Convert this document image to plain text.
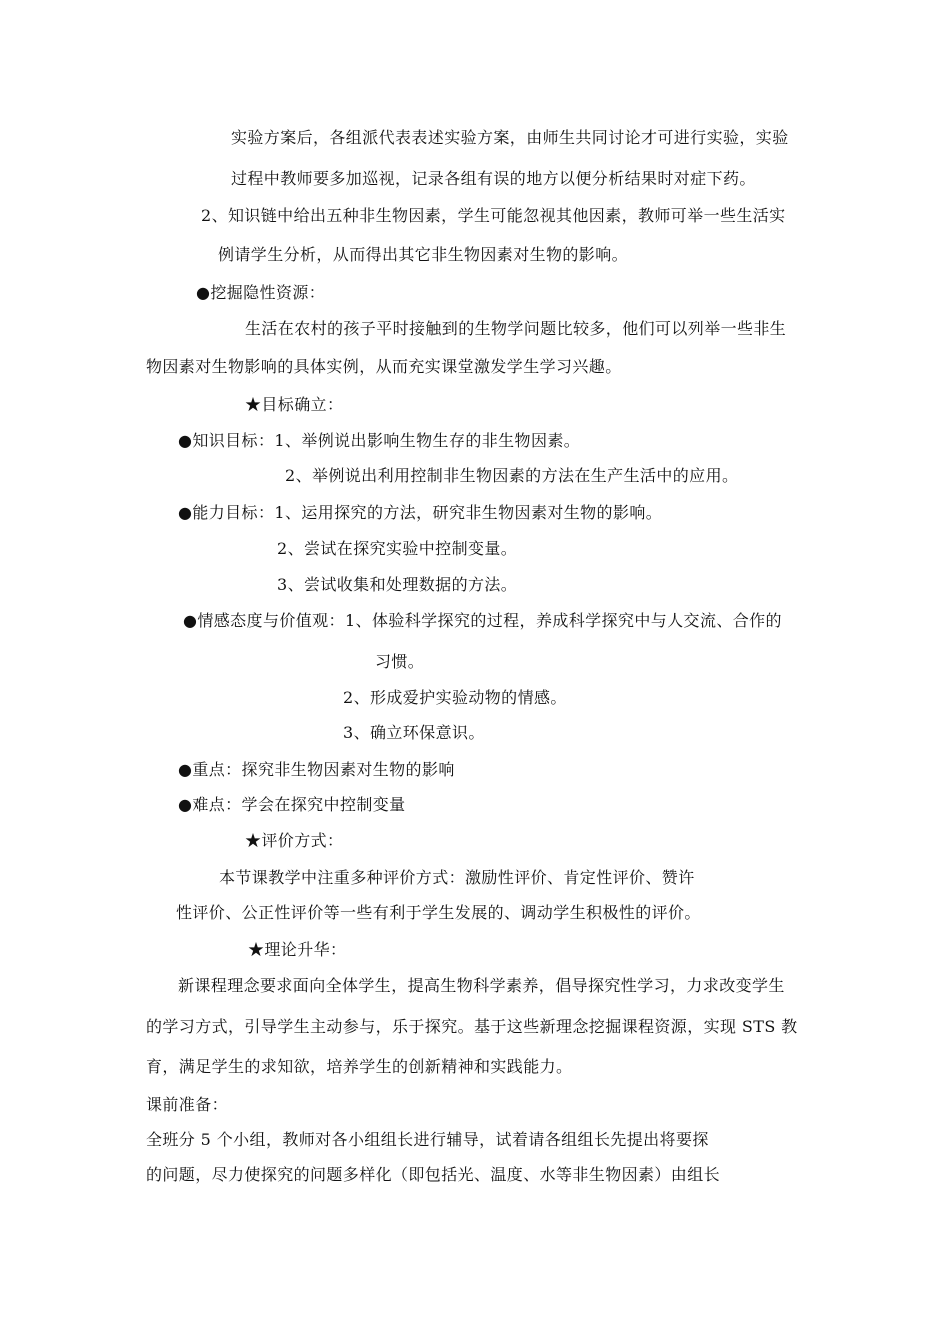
实验方案后，各组派代表表述实验方案，由师生共同讨论才可进行实验，实验
过程中教师要多加巡视，记录各组有误的地方以便分析结果时对症下药。
2、知识链中给出五种非生物因素，学生可能忽视其他因素，教师可举一些生活实
例请学生分析，从而得出其它非生物因素对生物的影响。
●挖掘隐性资源：
生活在农村的孩子平时接触到的生物学问题比较多，他们可以列举一些非生
物因素对生物影响的具体实例，从而充实课堂激发学生学习兴趣。
★目标确立：
●知识目标：1、举例说出影响生物生存的非生物因素。
2、举例说出利用控制非生物因素的方法在生产生活中的应用。
●能力目标：1、运用探究的方法，研究非生物因素对生物的影响。
2、尝试在探究实验中控制变量。
3、尝试收集和处理数据的方法。
●情感态度与价值观：1、体验科学探究的过程，养成科学探究中与人交流、合作的
习惯。
2、形成爱护实验动物的情感。
3、确立环保意识。
●重点：探究非生物因素对生物的影响
●难点：学会在探究中控制变量
★评价方式：
本节课教学中注重多种评价方式：激励性评价、肯定性评价、赞许
性评价、公正性评价等一些有利于学生发展的、调动学生积极性的评价。
★理论升华：
新课程理念要求面向全体学生，提高生物科学素养，倡导探究性学习，力求改变学生
的学习方式，引导学生主动参与，乐于探究。基于这些新理念挖掘课程资源，实现 STS 教
育，满足学生的求知欲，培养学生的创新精神和实践能力。
课前准备：
全班分 5 个小组，教师对各小组组长进行辅导，试着请各组组长先提出将要探
的问题，尽力使探究的问题多样化（即包括光、温度、水等非生物因素）由组长
